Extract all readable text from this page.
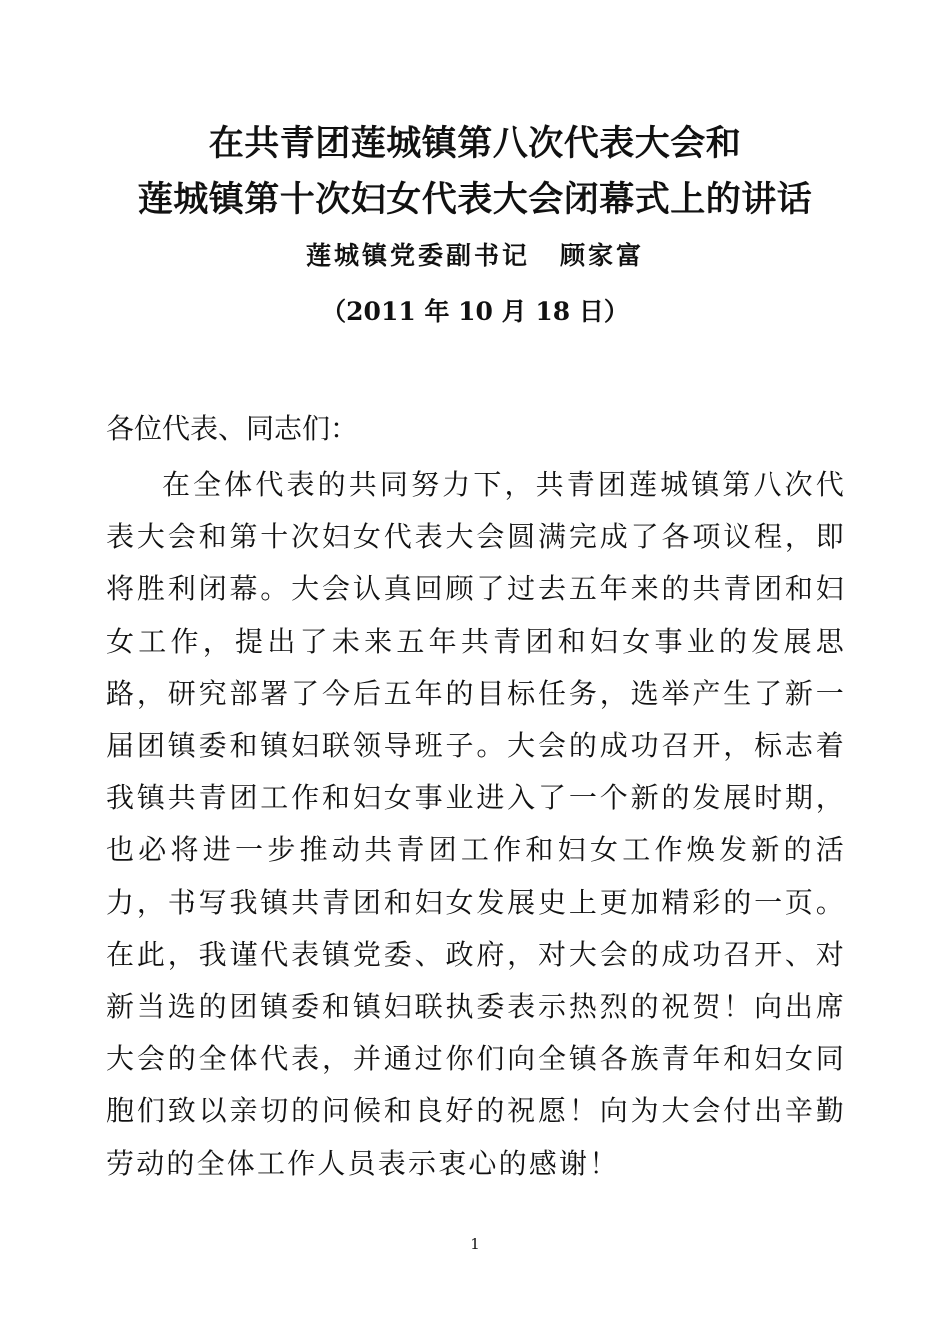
在共青团莲城镇第八次代表大会和
莲城镇第十次妇女代表大会闭幕式上的讲话
莲城镇党委副书记 顾家富
（2011 年 10 月 18 日）
各位代表、同志们：
在全体代表的共同努力下，共青团莲城镇第八次代表大会和第十次妇女代表大会圆满完成了各项议程，即将胜利闭幕。大会认真回顾了过去五年来的共青团和妇女工作，提出了未来五年共青团和妇女事业的发展思路，研究部署了今后五年的目标任务，选举产生了新一届团镇委和镇妇联领导班子。大会的成功召开，标志着我镇共青团工作和妇女事业进入了一个新的发展时期，也必将进一步推动共青团工作和妇女工作焕发新的活力，书写我镇共青团和妇女发展史上更加精彩的一页。在此，我谨代表镇党委、政府，对大会的成功召开、对新当选的团镇委和镇妇联执委表示热烈的祝贺！向出席大会的全体代表，并通过你们向全镇各族青年和妇女同胞们致以亲切的问候和良好的祝愿！向为大会付出辛勤劳动的全体工作人员表示衷心的感谢！
1
